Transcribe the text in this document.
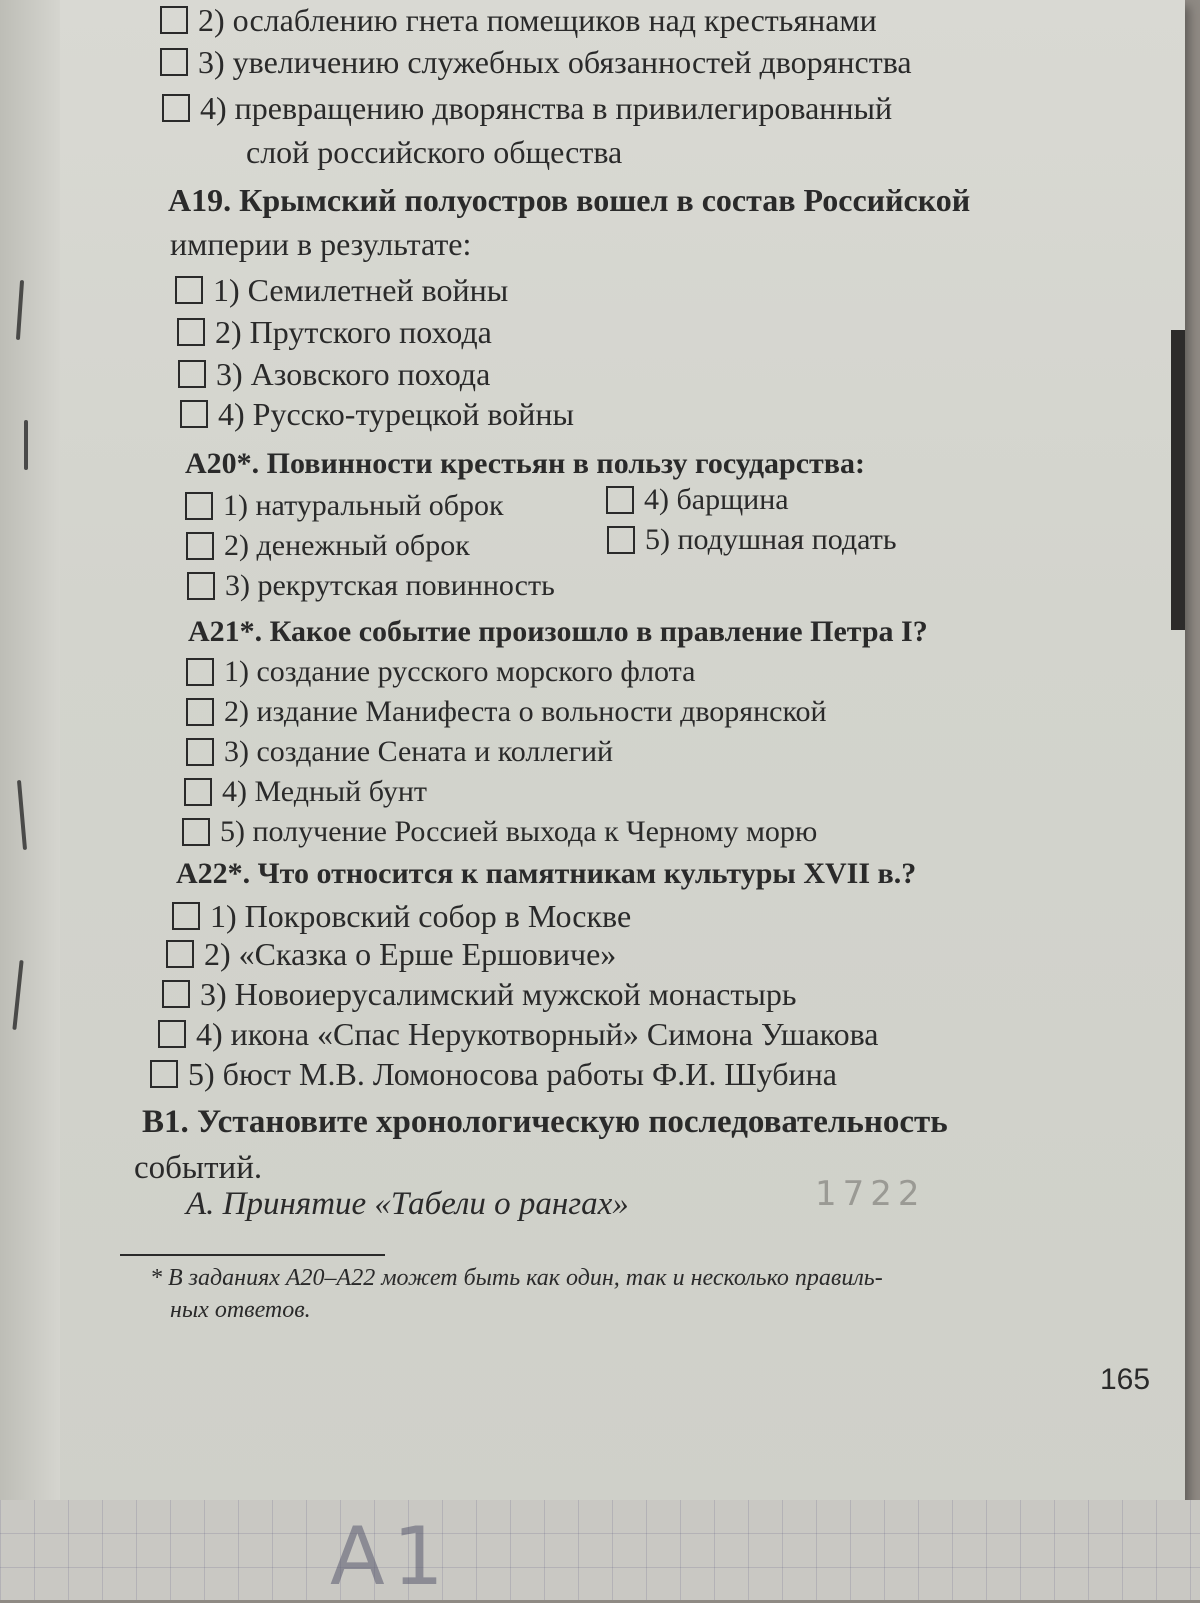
2) ослаблению гнета помещиков над крестьянами
3) увеличению служебных обязанностей дворянства
4) превращению дворянства в привилегированный
слой российского общества
А19. Крымский полуостров вошел в состав Российской
империи в результате:
1) Семилетней войны
2) Прутского похода
3) Азовского похода
4) Русско-турецкой войны
А20*. Повинности крестьян в пользу государства:
1) натуральный оброк	4) барщина
2) денежный оброк	5) подушная подать
3) рекрутская повинность
А21*. Какое событие произошло в правление Петра I?
1) создание русского морского флота
2) издание Манифеста о вольности дворянской
3) создание Сената и коллегий
4) Медный бунт
5) получение Россией выхода к Черному морю
А22*. Что относится к памятникам культуры XVII в.?
1) Покровский собор в Москве
2) «Сказка о Ерше Ершовиче»
3) Новоиерусалимский мужской монастырь
4) икона «Спас Нерукотворный» Симона Ушакова
5) бюст М.В. Ломоносова работы Ф.И. Шубина
В1. Установите хронологическую последовательность
событий.
А. Принятие «Табели о рангах»	1722
* В заданиях А20–А22 может быть как один, так и несколько правиль-
ных ответов.
165
A1
